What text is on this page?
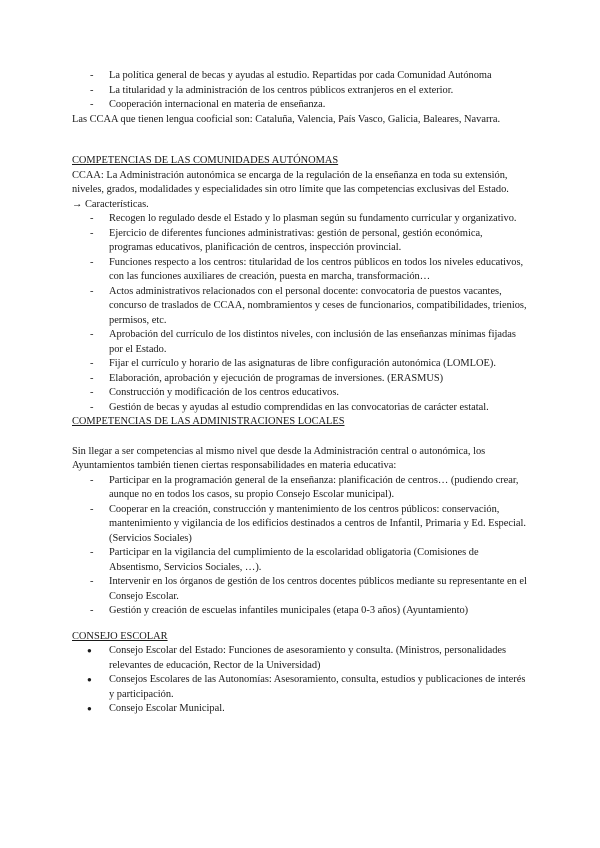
- La política general de becas y ayudas al estudio. Repartidas por cada Comunidad Autónoma
- La titularidad y la administración de los centros públicos extranjeros en el exterior.
- Cooperación internacional en materia de enseñanza.

Las CCAA que tienen lengua cooficial son: Cataluña, Valencia, País Vasco, Galicia, Baleares, Navarra.

COMPETENCIAS DE LAS COMUNIDADES AUTÓNOMAS

CCAA: La Administración autonómica se encarga de la regulación de la enseñanza en toda su extensión, niveles, grados, modalidades y especialidades sin otro límite que las competencias exclusivas del Estado.

→ Características.

- Recogen lo regulado desde el Estado y lo plasman según su fundamento curricular y organizativo.
- Ejercicio de diferentes funciones administrativas: gestión de personal, gestión económica, programas educativos, planificación de centros, inspección provincial.
- Funciones respecto a los centros: titularidad de los centros públicos en todos los niveles educativos, con las funciones auxiliares de creación, puesta en marcha, transformación…
- Actos administrativos relacionados con el personal docente: convocatoria de puestos vacantes, concurso de traslados de CCAA, nombramientos y ceses de funcionarios, compatibilidades, trienios, permisos, etc.
- Aprobación del currículo de los distintos niveles, con inclusión de las enseñanzas mínimas fijadas por el Estado.
- Fijar el currículo y horario de las asignaturas de libre configuración autonómica (LOMLOE).
- Elaboración, aprobación y ejecución de programas de inversiones. (ERASMUS)
- Construcción y modificación de los centros educativos.
- Gestión de becas y ayudas al estudio comprendidas en las convocatorias de carácter estatal.

COMPETENCIAS DE LAS ADMINISTRACIONES LOCALES

Sin llegar a ser competencias al mismo nivel que desde la Administración central o autonómica, los Ayuntamientos también tienen ciertas responsabilidades en materia educativa:

- Participar en la programación general de la enseñanza: planificación de centros… (pudiendo crear, aunque no en todos los casos, su propio Consejo Escolar municipal).
- Cooperar en la creación, construcción y mantenimiento de los centros públicos: conservación, mantenimiento y vigilancia de los edificios destinados a centros de Infantil, Primaria y Ed. Especial. (Servicios Sociales)
- Participar en la vigilancia del cumplimiento de la escolaridad obligatoria (Comisiones de Absentismo, Servicios Sociales, …).
- Intervenir en los órganos de gestión de los centros docentes públicos mediante su representante en el Consejo Escolar.
- Gestión y creación de escuelas infantiles municipales (etapa 0-3 años) (Ayuntamiento)

CONSEJO ESCOLAR

● Consejo Escolar del Estado: Funciones de asesoramiento y consulta. (Ministros, personalidades relevantes de educación, Rector de la Universidad)
● Consejos Escolares de las Autonomías: Asesoramiento, consulta, estudios y publicaciones de interés y participación.
● Consejo Escolar Municipal.
